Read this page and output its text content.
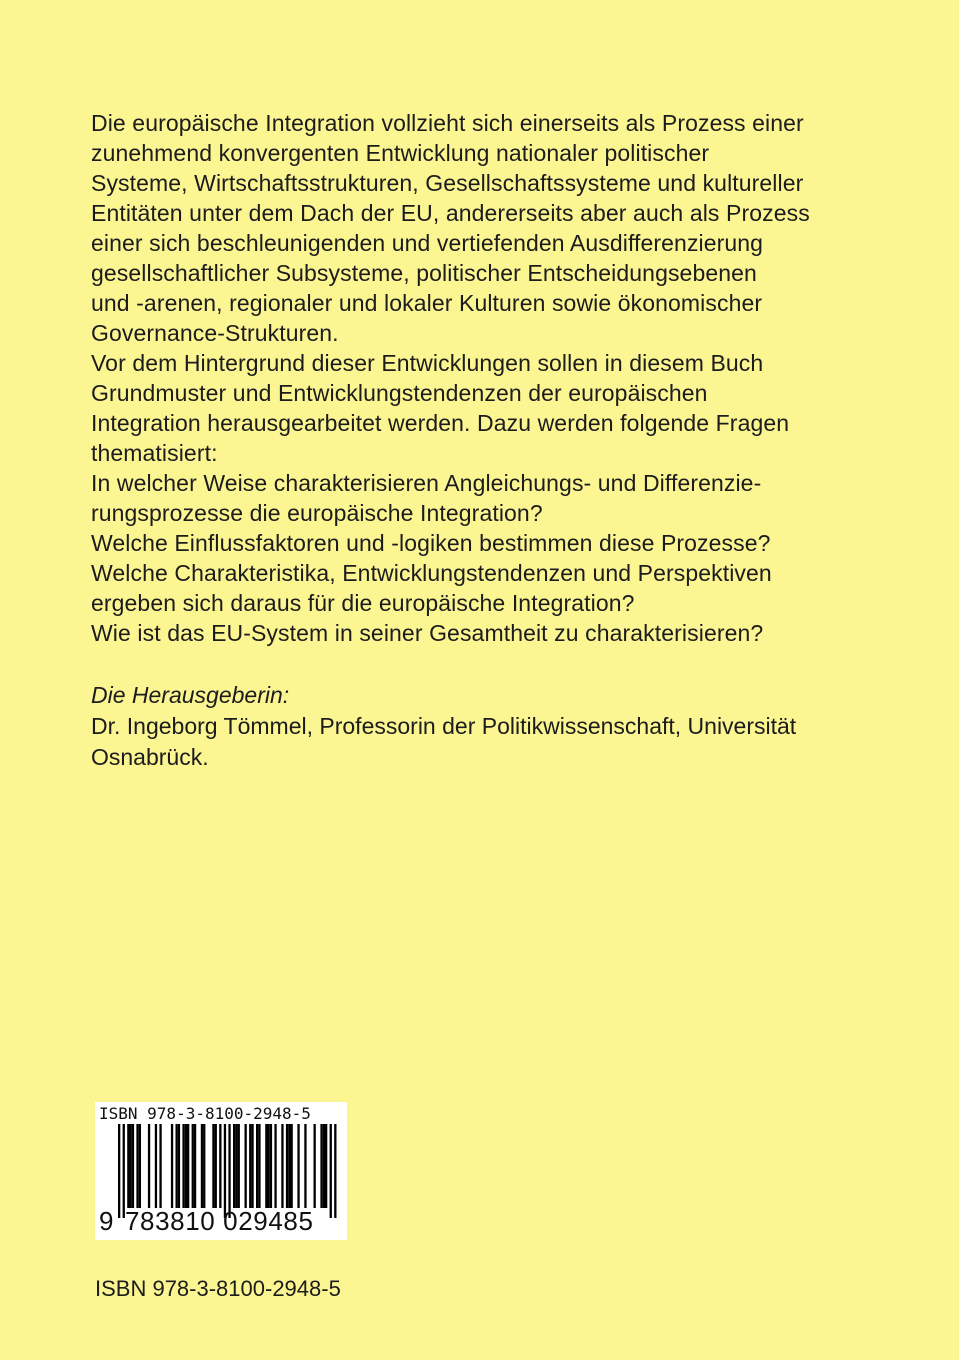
Die europäische Integration vollzieht sich einerseits als Prozess einer
zunehmend konvergenten Entwicklung nationaler politischer
Systeme, Wirtschaftsstrukturen, Gesellschaftssysteme und kultureller
Entitäten unter dem Dach der EU, andererseits aber auch als Prozess
einer sich beschleunigenden und vertiefenden Ausdifferenzierung
gesellschaftlicher Subsysteme, politischer Entscheidungsebenen
und -arenen, regionaler und lokaler Kulturen sowie ökonomischer
Governance-Strukturen.
Vor dem Hintergrund dieser Entwicklungen sollen in diesem Buch
Grundmuster und Entwicklungstendenzen der europäischen
Integration herausgearbeitet werden. Dazu werden folgende Fragen
thematisiert:
In welcher Weise charakterisieren Angleichungs- und Differenzie-
rungsprozesse die europäische Integration?
Welche Einflussfaktoren und -logiken bestimmen diese Prozesse?
Welche Charakteristika, Entwicklungstendenzen und Perspektiven
ergeben sich daraus für die europäische Integration?
Wie ist das EU-System in seiner Gesamtheit zu charakterisieren?
Die Herausgeberin:
Dr. Ingeborg Tömmel, Professorin der Politikwissenschaft, Universität
Osnabrück.
ISBN 978-3-8100-2948-5
9 783810 029485
ISBN 978-3-8100-2948-5
